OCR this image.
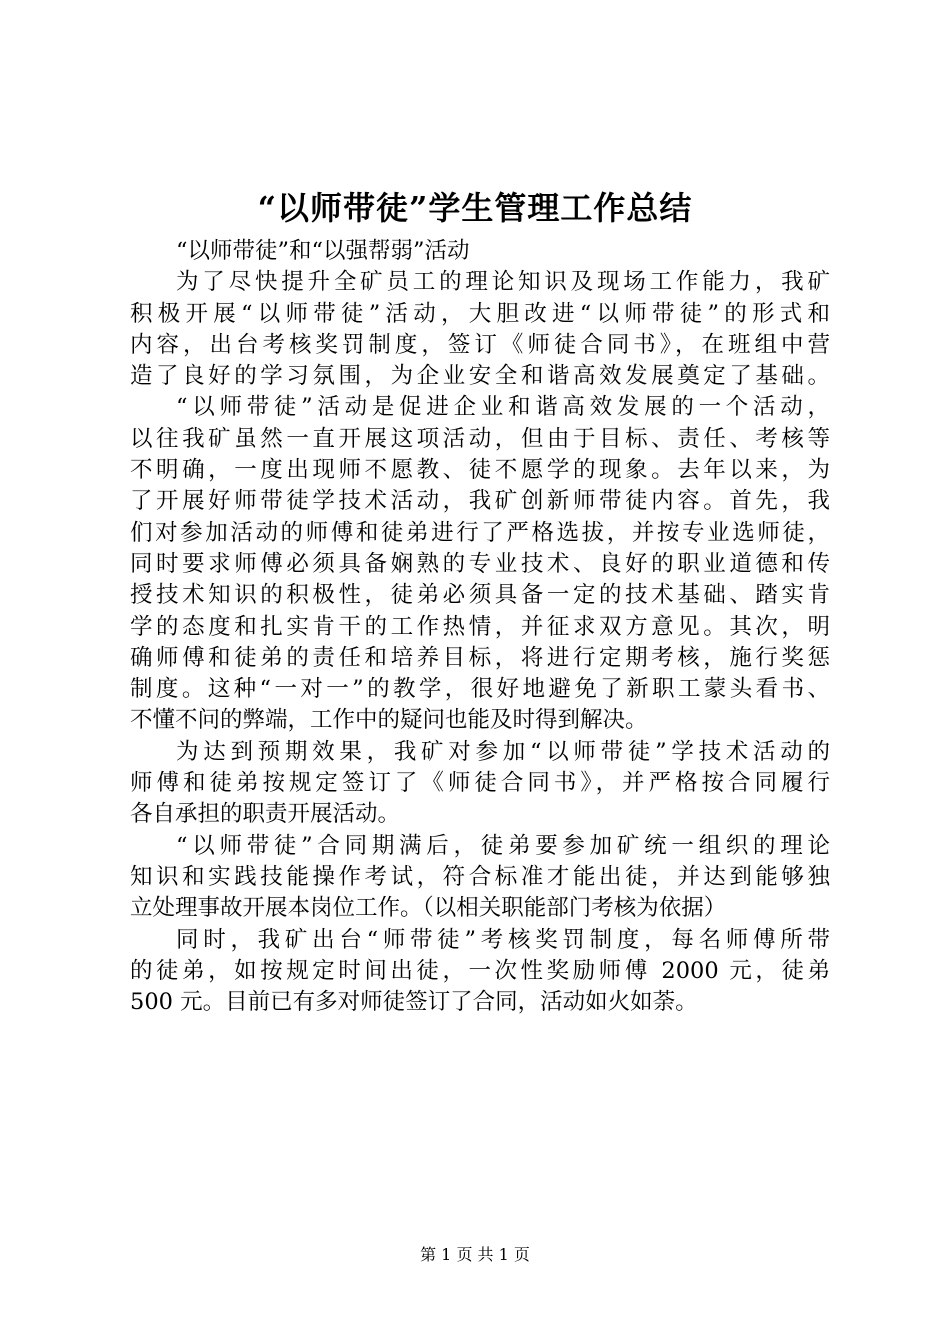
“以师带徒”学生管理工作总结
“以师带徒”和“以强帮弱”活动
为了尽快提升全矿员工的理论知识及现场工作能力，我矿
积极开展“以师带徒”活动，大胆改进“以师带徒”的形式和
内容，出台考核奖罚制度，签订《师徒合同书》，在班组中营
造了良好的学习氛围，为企业安全和谐高效发展奠定了基础。
“以师带徒”活动是促进企业和谐高效发展的一个活动，
以往我矿虽然一直开展这项活动，但由于目标、责任、考核等
不明确，一度出现师不愿教、徒不愿学的现象。去年以来，为
了开展好师带徒学技术活动，我矿创新师带徒内容。首先，我
们对参加活动的师傅和徒弟进行了严格选拔，并按专业选师徒，
同时要求师傅必须具备娴熟的专业技术、良好的职业道德和传
授技术知识的积极性，徒弟必须具备一定的技术基础、踏实肯
学的态度和扎实肯干的工作热情，并征求双方意见。其次，明
确师傅和徒弟的责任和培养目标，将进行定期考核，施行奖惩
制度。这种“一对一”的教学，很好地避免了新职工蒙头看书、
不懂不问的弊端，工作中的疑问也能及时得到解决。
为达到预期效果，我矿对参加“以师带徒”学技术活动的
师傅和徒弟按规定签订了《师徒合同书》，并严格按合同履行
各自承担的职责开展活动。
“以师带徒”合同期满后，徒弟要参加矿统一组织的理论
知识和实践技能操作考试，符合标准才能出徒，并达到能够独
立处理事故开展本岗位工作。（以相关职能部门考核为依据）
同时，我矿出台“师带徒”考核奖罚制度，每名师傅所带
的徒弟，如按规定时间出徒，一次性奖励师傅 2000 元，徒弟
500 元。目前已有多对师徒签订了合同，活动如火如荼。
第 1 页 共 1 页
